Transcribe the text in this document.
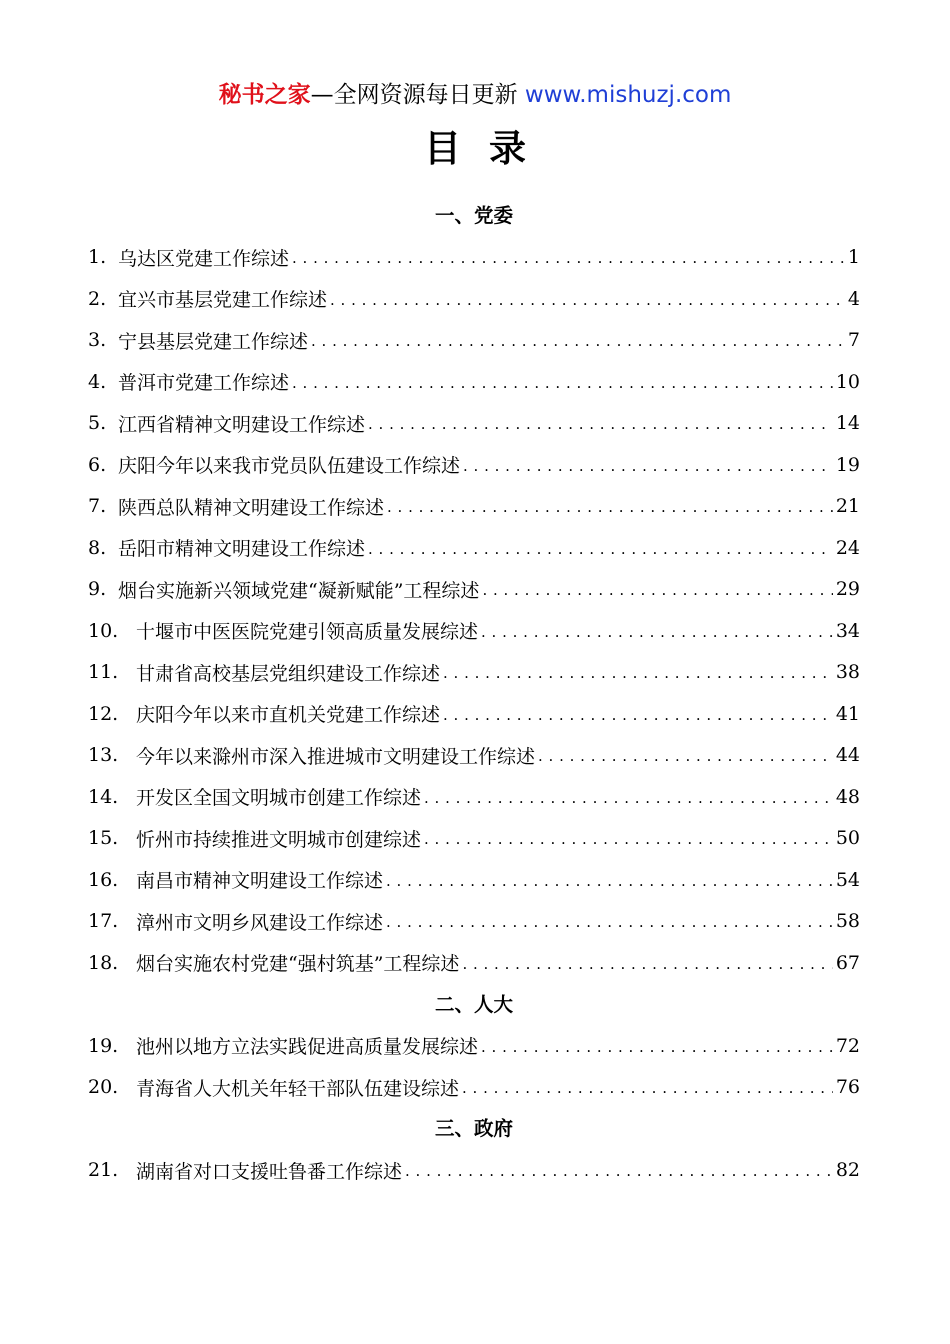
秘书之家—全网资源每日更新 www.mishuzj.com
目录
一、党委
1. 乌达区党建工作综述 . . .	1
2. 宜兴市基层党建工作综述 . . .	4
3. 宁县基层党建工作综述 . . .	7
4. 普洱市党建工作综述 . . .	10
5. 江西省精神文明建设工作综述 . . .	14
6. 庆阳今年以来我市党员队伍建设工作综述 . . .	19
7. 陕西总队精神文明建设工作综述 . . .	21
8. 岳阳市精神文明建设工作综述 . . .	24
9. 烟台实施新兴领域党建“凝新赋能”工程综述 . . .	29
10. 十堰市中医医院党建引领高质量发展综述 . . .	34
11. 甘肃省高校基层党组织建设工作综述 . . .	38
12. 庆阳今年以来市直机关党建工作综述 . . .	41
13. 今年以来滁州市深入推进城市文明建设工作综述 . . .	44
14. 开发区全国文明城市创建工作综述 . . .	48
15. 忻州市持续推进文明城市创建综述 . . .	50
16. 南昌市精神文明建设工作综述 . . .	54
17. 漳州市文明乡风建设工作综述 . . .	58
18. 烟台实施农村党建“强村筑基”工程综述 . . .	67
二、人大
19. 池州以地方立法实践促进高质量发展综述 . . .	72
20. 青海省人大机关年轻干部队伍建设综述 . . .	76
三、政府
21. 湖南省对口支援吐鲁番工作综述 . . .	82
